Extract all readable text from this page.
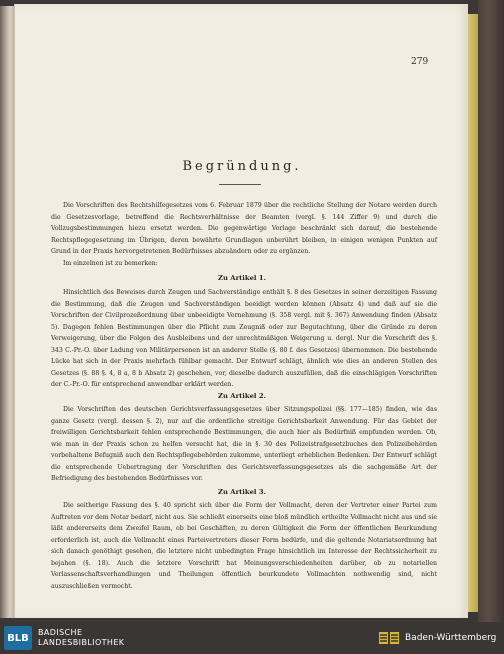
279
Begründung.

Die Vorschriften des Rechtshilfegesetzes vom 6. Februar 1879 über die rechtliche Stellung der Notare werden durch die Gesetzesvorlage, betreffend die Rechtsverhältnisse der Beamten (vergl. §. 144 Ziffer 9) und durch die Vollzugsbestimmungen hiezu ersetzt werden. Die gegenwärtige Vorlage beschränkt sich darauf, die bestehende Rechtspflegegesetzung im Übrigen, deren bewährte Grundlagen unberührt bleiben, in einigen wenigen Punkten auf Grund in der Praxis hervorgetretenen Bedürfnisses abzuändern oder zu ergänzen.

Im einzelnen ist zu bemerken:

Zu Artikel 1.

Hinsichtlich des Beweises durch Zeugen und Sachverständige enthält §. 8 des Gesetzes in seiner derzeitigen Fassung die Bestimmung, daß die Zeugen und Sachverständigen beeidigt werden können (Absatz 4) und daß auf sie die Vorschriften der Civilprozeßordnung über unbeeidigte Vernehmung (§. 358 vergl. mit §. 367) Anwendung finden (Absatz 5). Dagegen fehlen Bestimmungen über die Pflicht zum Zeugniß oder zur Begutachtung, über die Gründe zu deren Verweigerung, über die Folgen des Ausbleibens und der unrechtmäßigen Weigerung u. dergl. Nur die Vorschrift des §. 343 C.-Pr.-O. über Ladung von Militärpersonen ist an anderer Stelle (§. 80 f. des Gesetzes) übernommen. Die bestehende Lücke hat sich in der Praxis mehrfach fühlbar gemacht. Der Entwurf schlägt, ähnlich wie dies an anderen Stellen des Gesetzes (§. 88 §. 4, 8 a, 8 b Absatz 2) geschehen, vor, dieselbe dadurch auszufüllen, daß die einschlägigen Vorschriften der C.-Pr.-O. für entsprechend anwendbar erklärt werden.

Zu Artikel 2.

Die Vorschriften des deutschen Gerichtsverfassungsgesetzes über Sitzungspolizei (§§. 177—185) finden, wie das ganze Gesetz (vergl. dessen §. 2), nur auf die ordentliche streitige Gerichtsbarkeit Anwendung. Für das Gebiet der freiwilligen Gerichtsbarkeit fehlen entsprechende Bestimmungen, die auch hier als Bedürfniß empfunden werden. Ob, wie man in der Praxis schon zu helfen versucht hat, die in §. 30 des Polizeistrafgesetzbuches den Polizeibehörden vorbehaltene Befugniß auch den Rechtspflegebehörden zukomme, unterliegt erheblichen Bedenken. Der Entwurf schlägt die entsprechende Uebertragung der Vorschriften des Gerichtsverfassungsgesetzes als die sachgemäße Art der Befriedigung des bestehenden Bedürfnisses vor.

Zu Artikel 3.

Die seitherige Fassung des §. 40 spricht sich über die Form der Vollmacht, deren der Vertreter einer Partei zum Auftreten vor dem Notar bedarf, nicht aus. Sie schließt einerseits eine bloß mündlich ertheilte Vollmacht nicht aus und sie läßt andererseits dem Zweifel Raum, ob bei Geschäften, zu deren Gültigkeit die Form der öffentlichen Beurkundung erforderlich ist, auch die Vollmacht eines Parteivertreters dieser Form bedürfe, und die geltende Notariatsordnung hat sich danach genöthigt gesehen, die letztere nicht unbedingten Frage hinsichtlich im Interesse der Rechtssicherheit zu bejahen (§. 18). Auch die letztere Vorschrift hat Meinungsverschiedenheiten darüber, ob zu notariellen Verlassenschaftsverhandlungen und Theilungen öffentlich beurkundete Vollmachten nothwendig sind, nicht auszuschließen vermocht.

BLB	BADISCHE
LANDESBIBLIOTHEK	Baden-Württemberg
